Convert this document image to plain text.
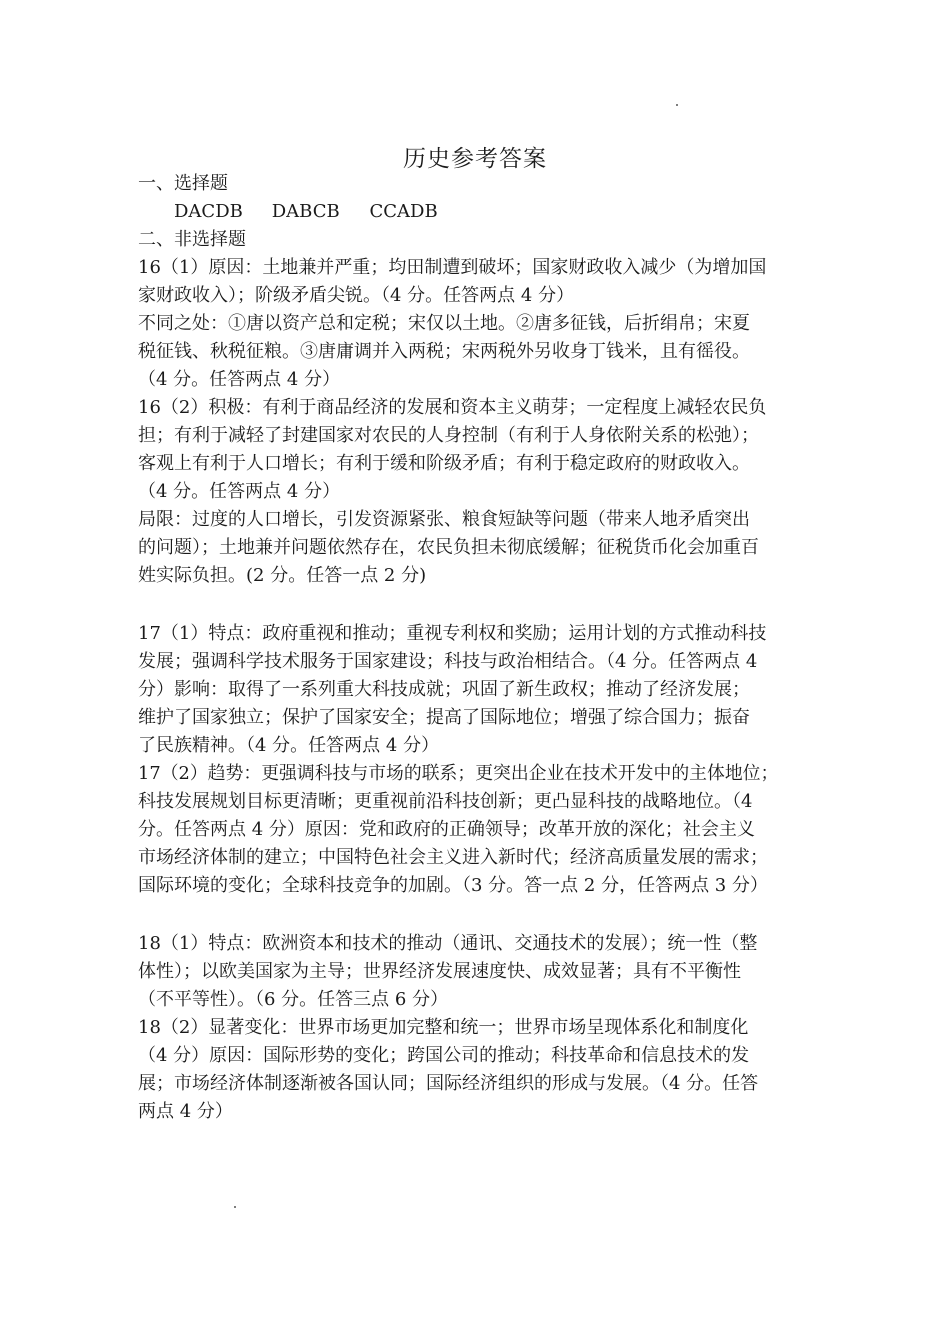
历史参考答案
一、选择题
DACDB DABCB CCADB
二、非选择题
16（1）原因：土地兼并严重；均田制遭到破坏；国家财政收入减少（为增加国
家财政收入）；阶级矛盾尖锐。（4 分。任答两点 4 分）
不同之处：①唐以资产总和定税；宋仅以土地。②唐多征钱，后折绢帛；宋夏
税征钱、秋税征粮。③唐庸调并入两税；宋两税外另收身丁钱米，且有徭役。
（4 分。任答两点 4 分）
16（2）积极：有利于商品经济的发展和资本主义萌芽；一定程度上减轻农民负
担；有利于减轻了封建国家对农民的人身控制（有利于人身依附关系的松弛）；
客观上有利于人口增长；有利于缓和阶级矛盾；有利于稳定政府的财政收入。
（4 分。任答两点 4 分）
局限：过度的人口增长，引发资源紧张、粮食短缺等问题（带来人地矛盾突出
的问题）；土地兼并问题依然存在，农民负担未彻底缓解；征税货币化会加重百
姓实际负担。(2 分。任答一点 2 分)
17（1）特点：政府重视和推动；重视专利权和奖励；运用计划的方式推动科技
发展；强调科学技术服务于国家建设；科技与政治相结合。（4 分。任答两点 4
分）影响：取得了一系列重大科技成就；巩固了新生政权；推动了经济发展；
维护了国家独立；保护了国家安全；提高了国际地位；增强了综合国力；振奋
了民族精神。（4 分。任答两点 4 分）
17（2）趋势：更强调科技与市场的联系；更突出企业在技术开发中的主体地位；
科技发展规划目标更清晰；更重视前沿科技创新；更凸显科技的战略地位。（4
分。任答两点 4 分）原因：党和政府的正确领导；改革开放的深化；社会主义
市场经济体制的建立；中国特色社会主义进入新时代；经济高质量发展的需求；
国际环境的变化；全球科技竞争的加剧。（3 分。答一点 2 分，任答两点 3 分）
18（1）特点：欧洲资本和技术的推动（通讯、交通技术的发展）；统一性（整
体性）；以欧美国家为主导；世界经济发展速度快、成效显著；具有不平衡性
（不平等性）。（6 分。任答三点 6 分）
18（2）显著变化：世界市场更加完整和统一；世界市场呈现体系化和制度化
（4 分）原因：国际形势的变化；跨国公司的推动；科技革命和信息技术的发
展；市场经济体制逐渐被各国认同；国际经济组织的形成与发展。（4 分。任答
两点 4 分）
